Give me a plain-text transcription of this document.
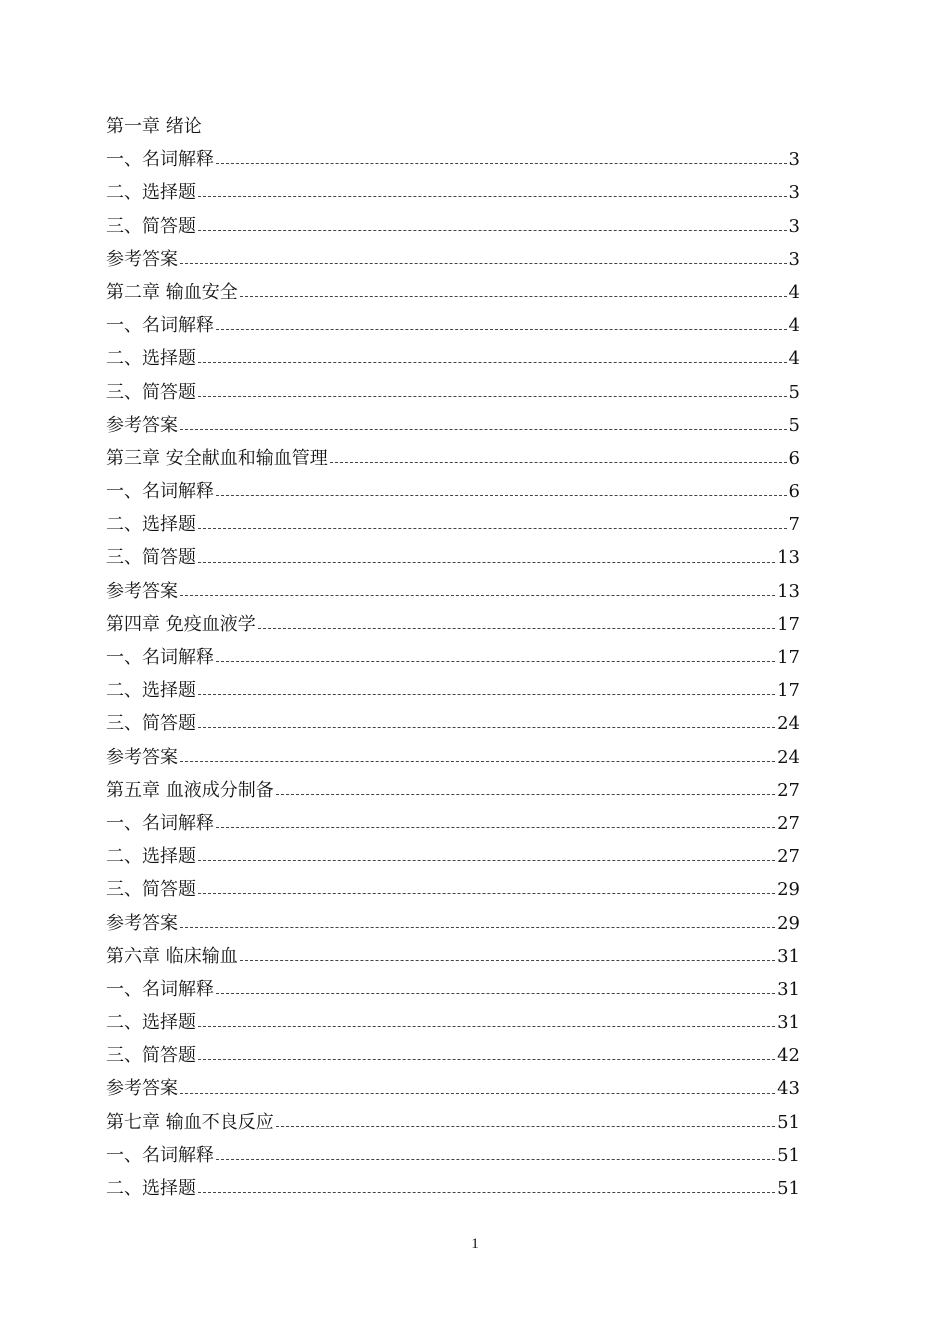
第一章 绪论
一、名词解释	3
二、选择题	3
三、简答题	3
参考答案	3
第二章 输血安全	4
一、名词解释	4
二、选择题	4
三、简答题	5
参考答案	5
第三章 安全献血和输血管理	6
一、名词解释	6
二、选择题	7
三、简答题	13
参考答案	13
第四章 免疫血液学	17
一、名词解释	17
二、选择题	17
三、简答题	24
参考答案	24
第五章 血液成分制备	27
一、名词解释	27
二、选择题	27
三、简答题	29
参考答案	29
第六章 临床输血	31
一、名词解释	31
二、选择题	31
三、简答题	42
参考答案	43
第七章 输血不良反应	51
一、名词解释	51
二、选择题	51
1
